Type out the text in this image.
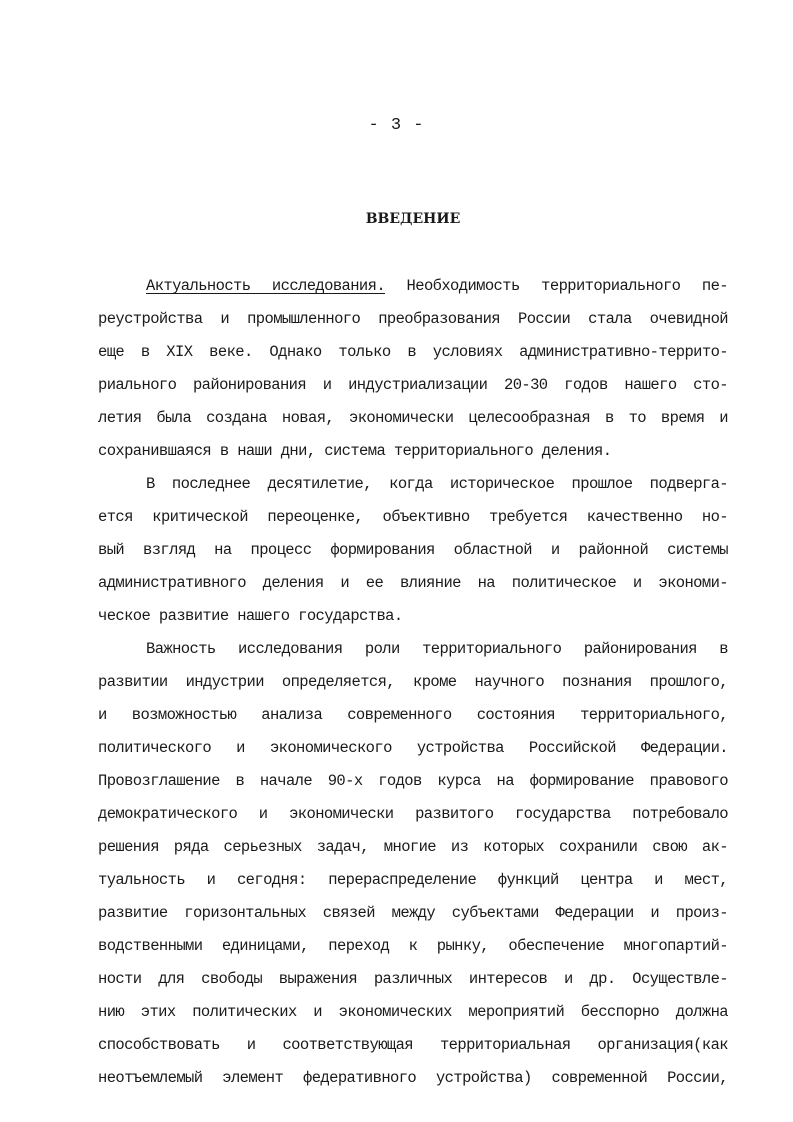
- 3 -
ВВЕДЕНИЕ
Актуальность исследования. Необходимость территориального пе-
реустройства и промышленного преобразования России стала очевидной
еще в XIX веке. Однако только в условиях административно-террито-
риального районирования и индустриализации 20-30 годов нашего сто-
летия была создана новая, экономически целесообразная в то время и
сохранившаяся в наши дни, система территориального деления.
В последнее десятилетие, когда историческое прошлое подверга-
ется критической переоценке, объективно требуется качественно но-
вый взгляд на процесс формирования областной и районной системы
административного деления и ее влияние на политическое и экономи-
ческое развитие нашего государства.
Важность исследования роли территориального районирования в
развитии индустрии определяется, кроме научного познания прошлого,
и возможностью анализа современного состояния территориального,
политического и экономического устройства Российской Федерации.
Провозглашение в начале 90-х годов курса на формирование правового
демократического и экономически развитого государства потребовало
решения ряда серьезных задач, многие из которых сохранили свою ак-
туальность и сегодня: перераспределение функций центра и мест,
развитие горизонтальных связей между субъектами Федерации и произ-
водственными единицами, переход к рынку, обеспечение многопартий-
ности для свободы выражения различных интересов и др. Осуществле-
нию этих политических и экономических мероприятий бесспорно должна
способствовать и соответствующая территориальная организация(как
неотъемлемый элемент федеративного устройства) современной России,
